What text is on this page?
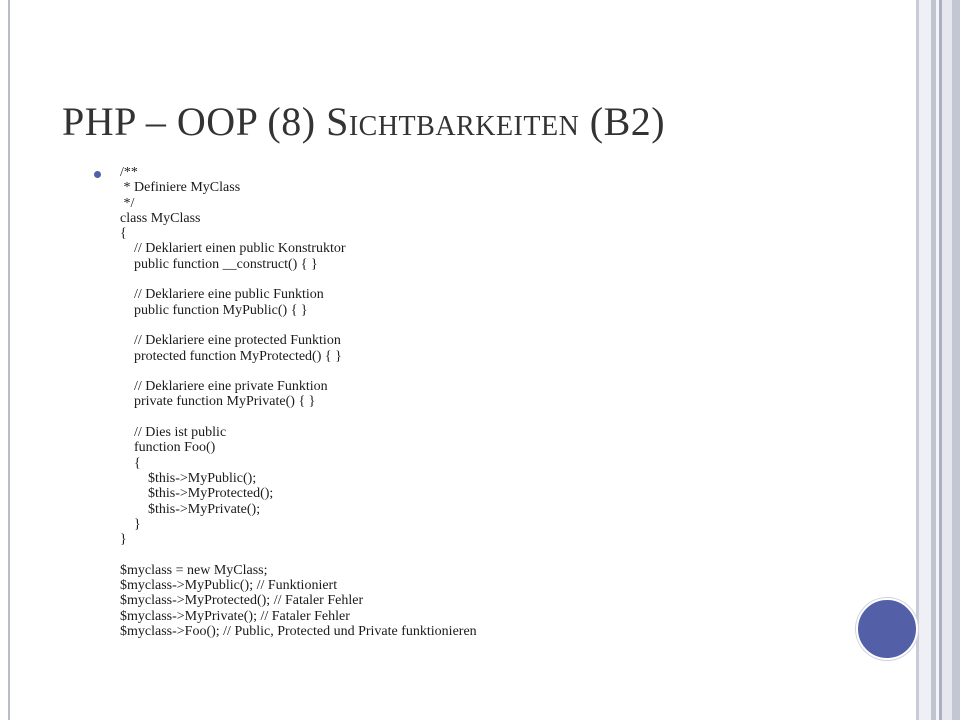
PHP – OOP (8) Sichtbarkeiten (B2)
/**
* Definiere MyClass
*/
class MyClass
{
// Deklariert einen public Konstruktor
public function __construct() { }

// Deklariere eine public Funktion
public function MyPublic() { }

// Deklariere eine protected Funktion
protected function MyProtected() { }

// Deklariere eine private Funktion
private function MyPrivate() { }

// Dies ist public
function Foo()
{
$this->MyPublic();
$this->MyProtected();
$this->MyPrivate();
}
}

$myclass = new MyClass;
$myclass->MyPublic(); // Funktioniert
$myclass->MyProtected(); // Fataler Fehler
$myclass->MyPrivate(); // Fataler Fehler
$myclass->Foo(); // Public, Protected und Private funktionieren
